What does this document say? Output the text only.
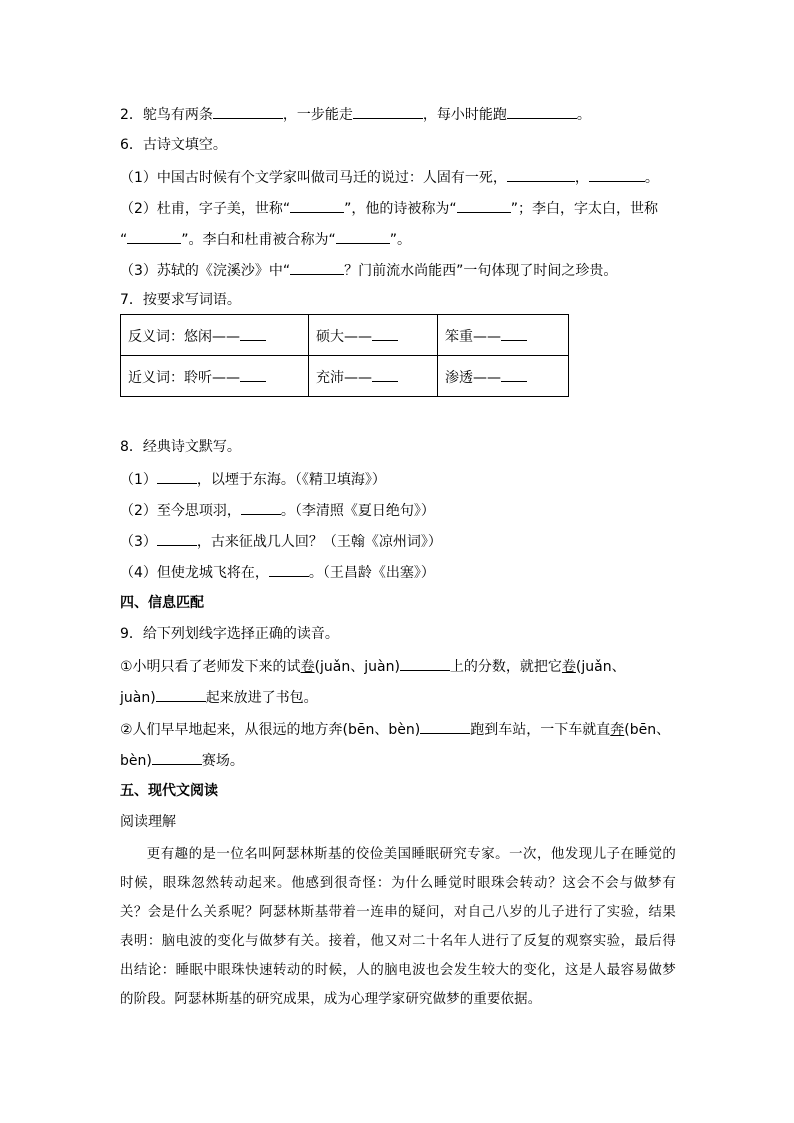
2．鸵鸟有两条	，一步能走	，每小时能跑	。
6．古诗文填空。
（1）中国古时候有个文学家叫做司马迁的说过：人固有一死，	，	。
（2）杜甫，字子美，世称“	”，他的诗被称为“	”；李白，字太白，世称
“	”。李白和杜甫被合称为“	”。
（3）苏轼的《浣溪沙》中“	？门前流水尚能西”一句体现了时间之珍贵。
7．按要求写词语。
反义词：悠闲——	硕大——	笨重——
近义词：聆听——	充沛——	渗透——
8．经典诗文默写。
（1）	，以堙于东海。（《精卫填海》）
（2）至今思项羽，	。（李清照《夏日绝句》）
（3）	，古来征战几人回？（王翰《凉州词》）
（4）但使龙城飞将在，	。（王昌龄《出塞》）
四、信息匹配
9．给下列划线字选择正确的读音。
①小明只看了老师发下来的试卷(juǎn、juàn)	上的分数，就把它卷(juǎn、
juàn)	起来放进了书包。
②人们早早地起来，从很远的地方奔(bēn、bèn)	跑到车站，一下车就直奔(bēn、
bèn)	赛场。
五、现代文阅读
阅读理解

更有趣的是一位名叫阿瑟林斯基的佼俭美国睡眠研究专家。一次，他发现儿子在睡觉的时候，眼珠忽然转动起来。他感到很奇怪：为什么睡觉时眼珠会转动？这会不会与做梦有关？会是什么关系呢？阿瑟林斯基带着一连串的疑问，对自己八岁的儿子进行了实验，结果表明：脑电波的变化与做梦有关。接着，他又对二十名年人进行了反复的观察实验，最后得出结论：睡眠中眼珠快速转动的时候，人的脑电波也会发生较大的变化，这是人最容易做梦的阶段。阿瑟林斯基的研究成果，成为心理学家研究做梦的重要依据。
